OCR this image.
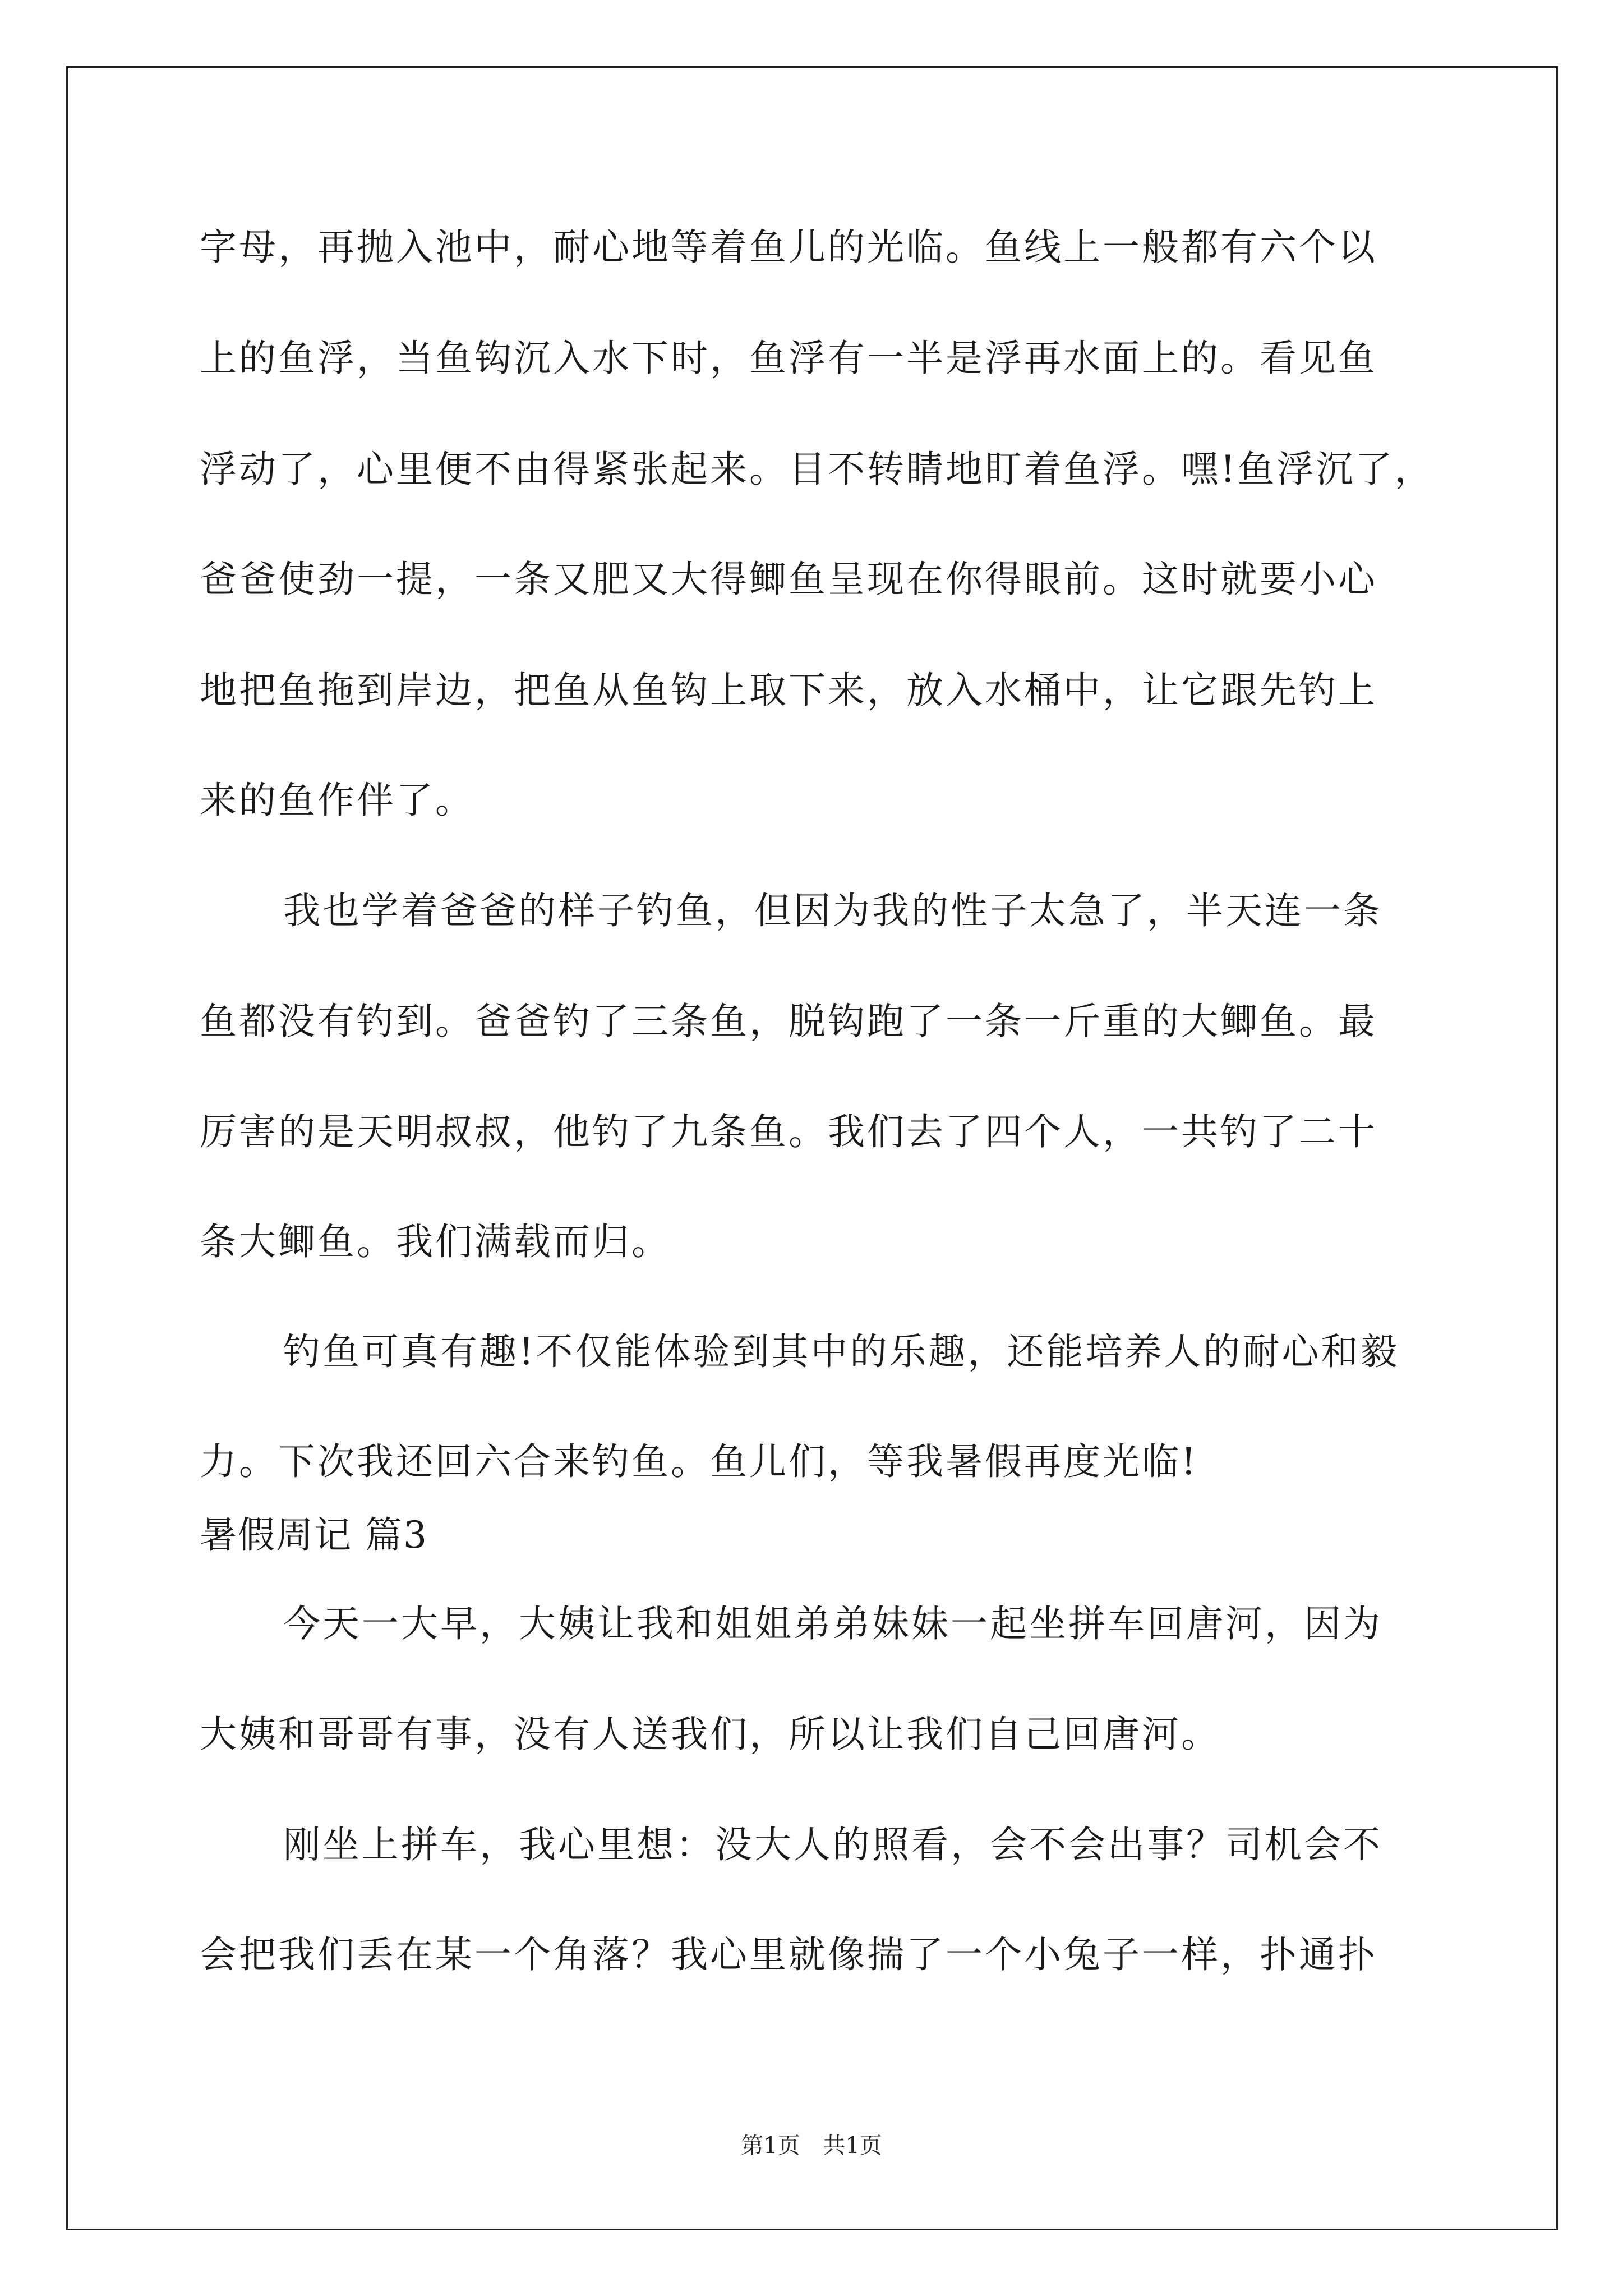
字母，再抛入池中，耐心地等着鱼儿的光临。鱼线上一般都有六个以
上的鱼浮，当鱼钩沉入水下时，鱼浮有一半是浮再水面上的。看见鱼
浮动了，心里便不由得紧张起来。目不转睛地盯着鱼浮。嘿!鱼浮沉了，
爸爸使劲一提，一条又肥又大得鲫鱼呈现在你得眼前。这时就要小心
地把鱼拖到岸边，把鱼从鱼钩上取下来，放入水桶中，让它跟先钓上
来的鱼作伴了。
我也学着爸爸的样子钓鱼，但因为我的性子太急了，半天连一条
鱼都没有钓到。爸爸钓了三条鱼，脱钩跑了一条一斤重的大鲫鱼。最
厉害的是天明叔叔，他钓了九条鱼。我们去了四个人，一共钓了二十
条大鲫鱼。我们满载而归。
钓鱼可真有趣!不仅能体验到其中的乐趣，还能培养人的耐心和毅
力。下次我还回六合来钓鱼。鱼儿们，等我暑假再度光临!
暑假周记 篇3
今天一大早，大姨让我和姐姐弟弟妹妹一起坐拼车回唐河，因为
大姨和哥哥有事，没有人送我们，所以让我们自己回唐河。
刚坐上拼车，我心里想：没大人的照看，会不会出事？司机会不
会把我们丢在某一个角落？我心里就像揣了一个小兔子一样，扑通扑
第1页 共1页
